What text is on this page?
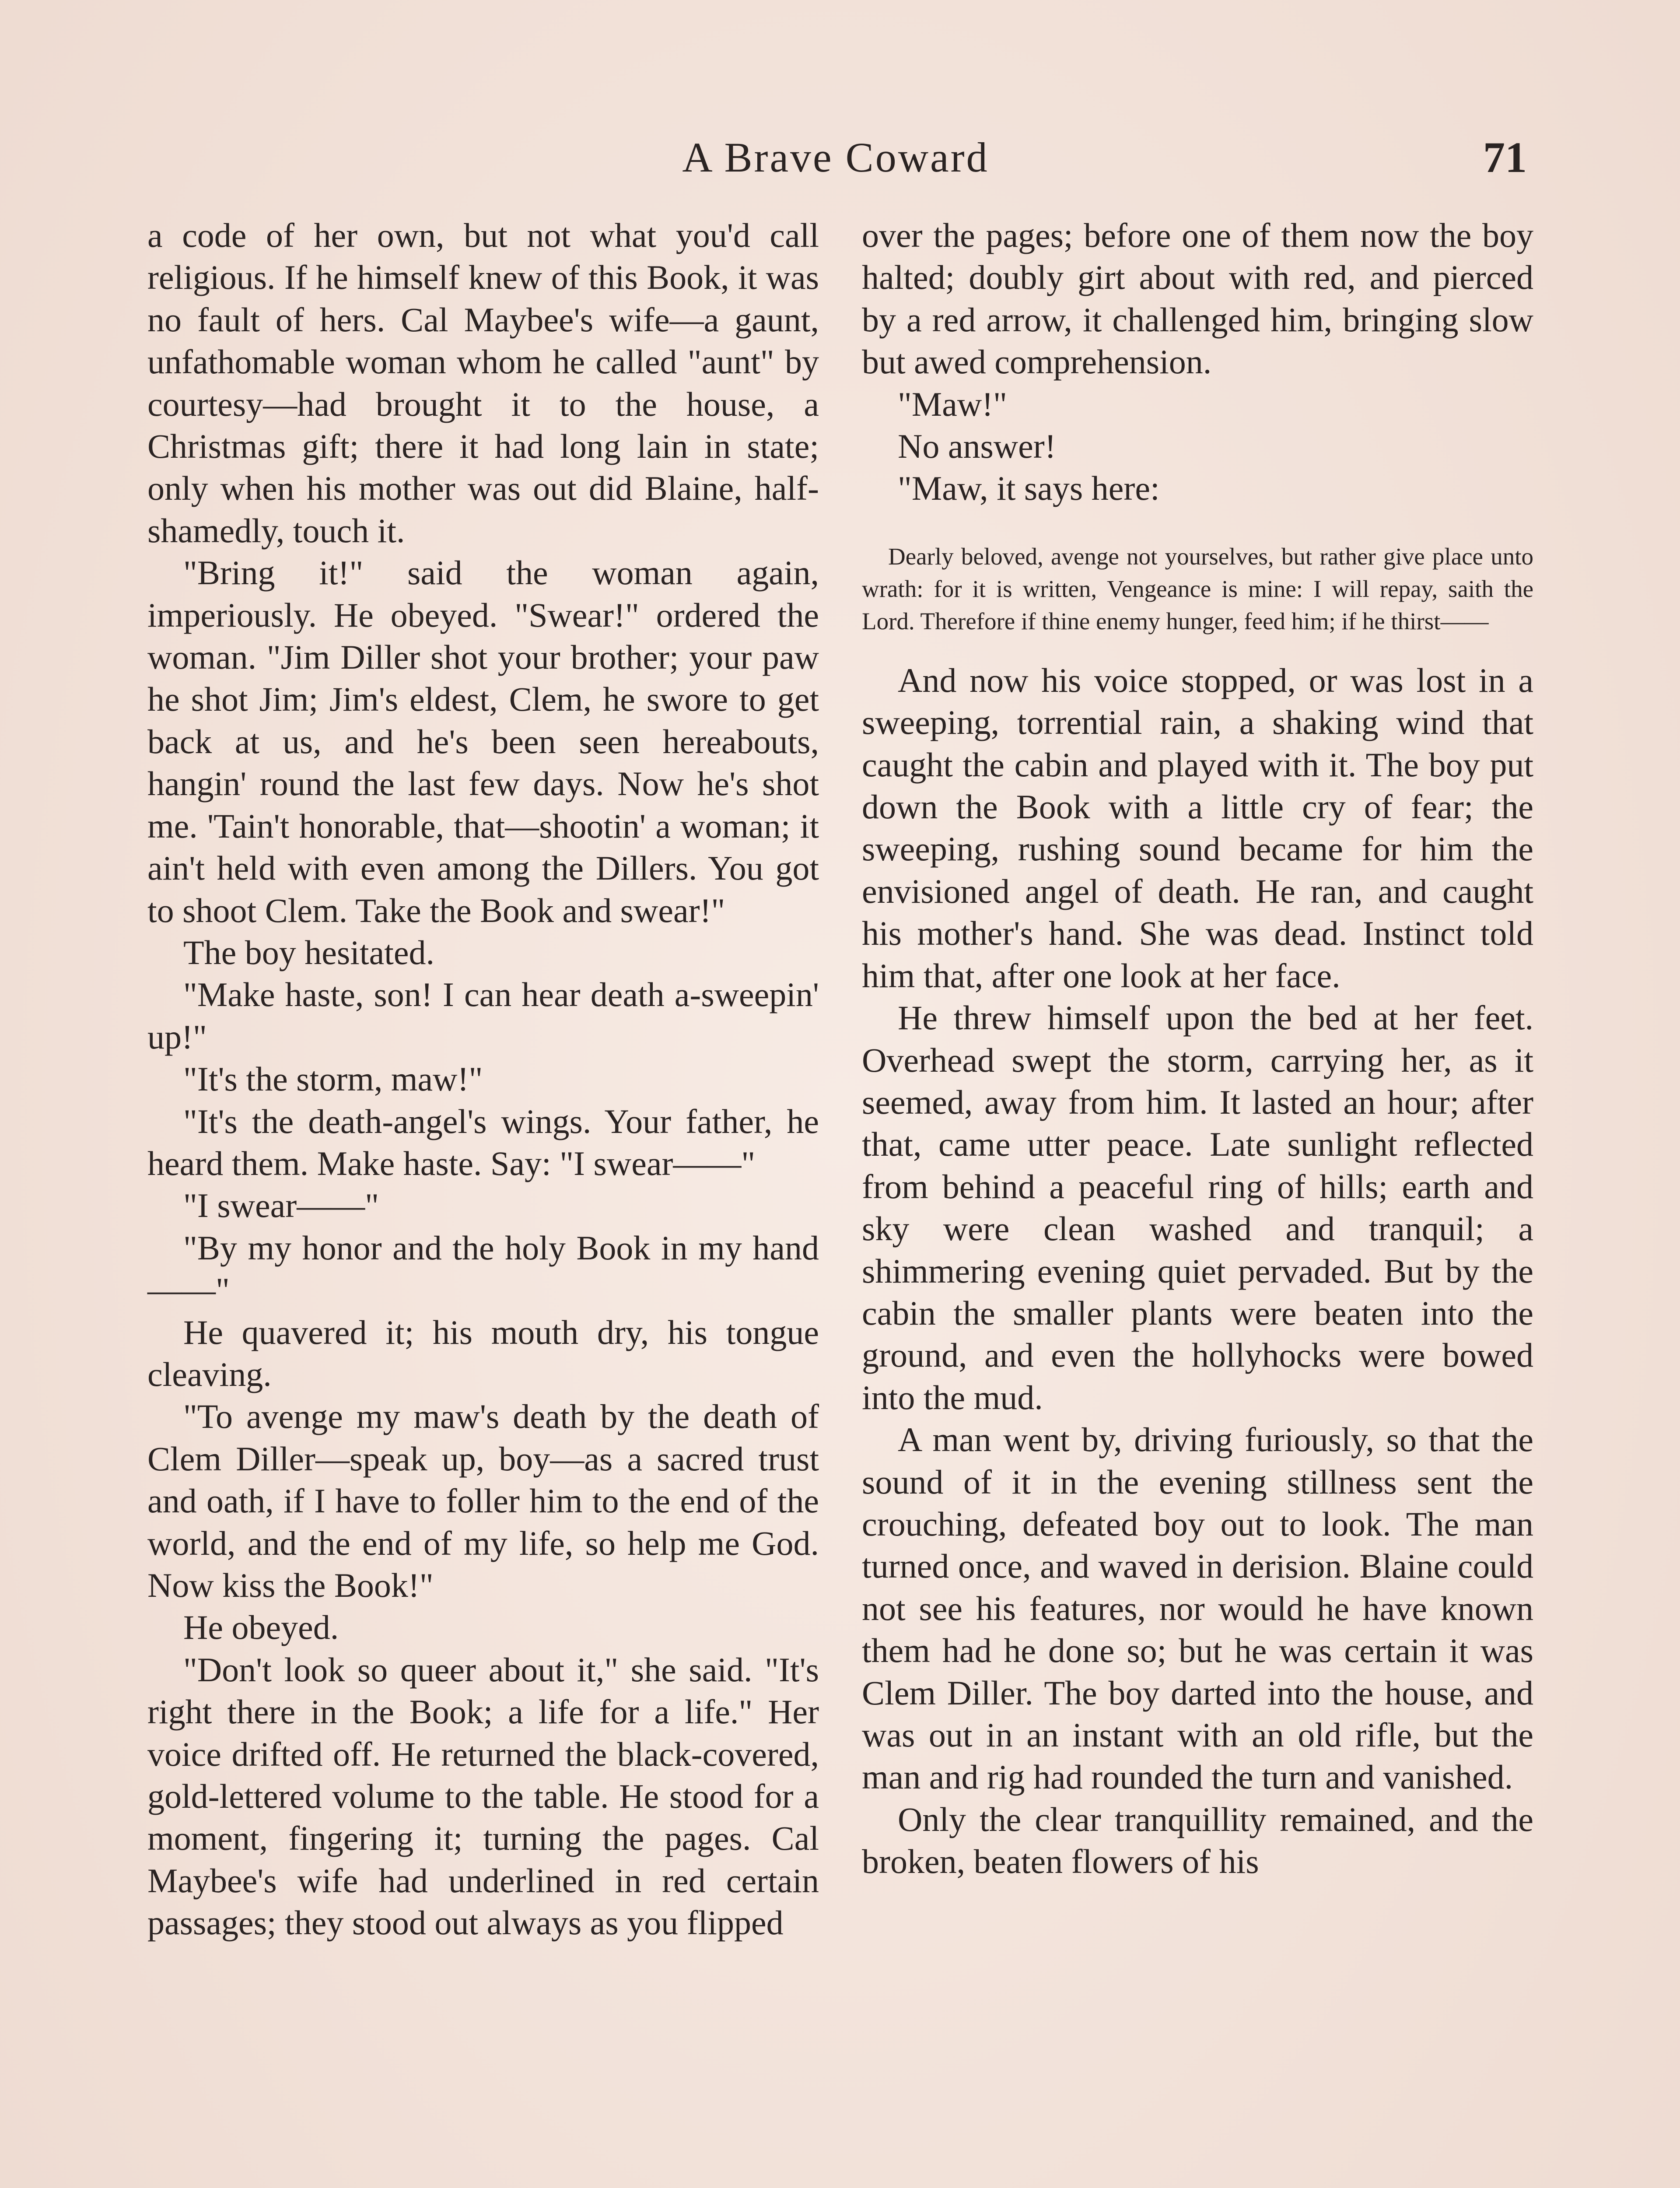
A Brave Coward	71

a code of her own, but not what you'd call religious. If he himself knew of this Book, it was no fault of hers. Cal Maybee's wife—a gaunt, unfathomable woman whom he called "aunt" by courtesy—had brought it to the house, a Christmas gift; there it had long lain in state; only when his mother was out did Blaine, half-shamedly, touch it.

"Bring it!" said the woman again, imperiously. He obeyed. "Swear!" ordered the woman. "Jim Diller shot your brother; your paw he shot Jim; Jim's eldest, Clem, he swore to get back at us, and he's been seen hereabouts, hangin' round the last few days. Now he's shot me. 'Tain't honorable, that—shootin' a woman; it ain't held with even among the Dillers. You got to shoot Clem. Take the Book and swear!"

The boy hesitated.

"Make haste, son! I can hear death a-sweepin' up!"

"It's the storm, maw!"

"It's the death-angel's wings. Your father, he heard them. Make haste. Say: "I swear——"

"I swear——"

"By my honor and the holy Book in my hand——"

He quavered it; his mouth dry, his tongue cleaving.

"To avenge my maw's death by the death of Clem Diller—speak up, boy—as a sacred trust and oath, if I have to foller him to the end of the world, and the end of my life, so help me God. Now kiss the Book!"

He obeyed.

"Don't look so queer about it," she said. "It's right there in the Book; a life for a life." Her voice drifted off. He returned the black-covered, gold-lettered volume to the table. He stood for a moment, fingering it; turning the pages. Cal Maybee's wife had underlined in red certain passages; they stood out always as you flipped

over the pages; before one of them now the boy halted; doubly girt about with red, and pierced by a red arrow, it challenged him, bringing slow but awed comprehension.

"Maw!"

No answer!

"Maw, it says here:

Dearly beloved, avenge not yourselves, but rather give place unto wrath: for it is written, Vengeance is mine: I will repay, saith the Lord. Therefore if thine enemy hunger, feed him; if he thirst——

And now his voice stopped, or was lost in a sweeping, torrential rain, a shaking wind that caught the cabin and played with it. The boy put down the Book with a little cry of fear; the sweeping, rushing sound became for him the envisioned angel of death. He ran, and caught his mother's hand. She was dead. Instinct told him that, after one look at her face.

He threw himself upon the bed at her feet. Overhead swept the storm, carrying her, as it seemed, away from him. It lasted an hour; after that, came utter peace. Late sunlight reflected from behind a peaceful ring of hills; earth and sky were clean washed and tranquil; a shimmering evening quiet pervaded. But by the cabin the smaller plants were beaten into the ground, and even the hollyhocks were bowed into the mud.

A man went by, driving furiously, so that the sound of it in the evening stillness sent the crouching, defeated boy out to look. The man turned once, and waved in derision. Blaine could not see his features, nor would he have known them had he done so; but he was certain it was Clem Diller. The boy darted into the house, and was out in an instant with an old rifle, but the man and rig had rounded the turn and vanished.

Only the clear tranquillity remained, and the broken, beaten flowers of his
